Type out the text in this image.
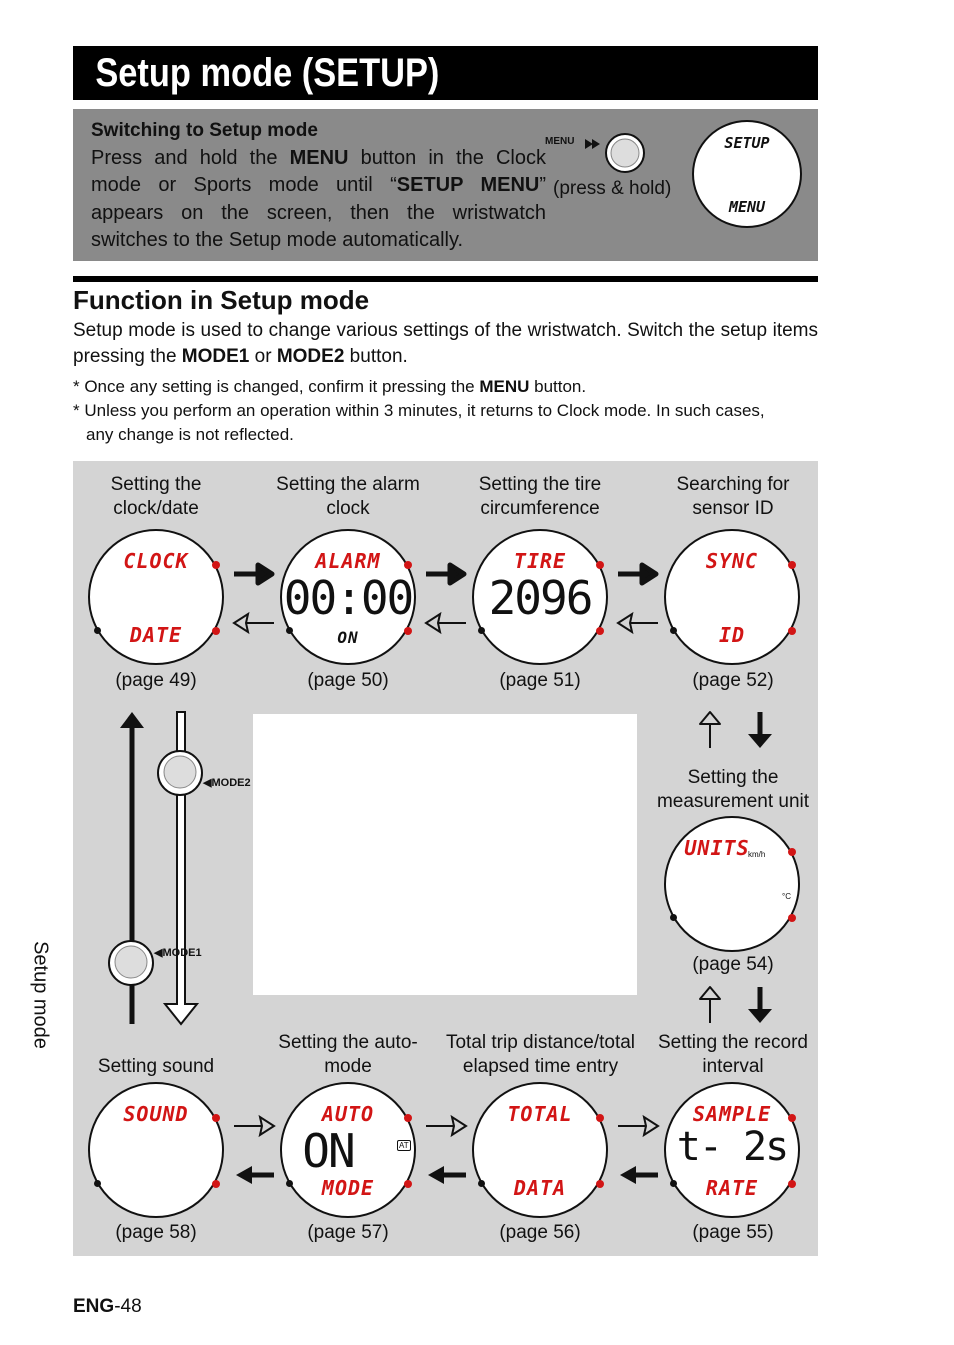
Setup mode (SETUP)
Switching to Setup mode
Press and hold the MENU button in the Clock mode or Sports mode until “SETUP MENU” appears on the screen, then the wristwatch switches to the Setup mode automatically.
MENU
(press & hold)
SETUP
MENU
Function in Setup mode
Setup mode is used to change various settings of the wristwatch. Switch the setup items pressing the MODE1 or MODE2 button.
* Once any setting is changed, confirm it pressing the MENU button.
* Unless you perform an operation within 3 minutes, it returns to Clock mode. In such cases,
any change is not reflected.
Setting the clock/date
Setting the alarm clock
Setting the tire circumference
Searching for sensor ID
CLOCK
DATE
ALARM
00:00
ON
TIRE
2096
SYNC
ID
(page 49)	(page 50)	(page 51)	(page 52)
Setting the measurement unit
UNITS
km/h
°C
(page 54)
◀MODE2
◀MODE1
Setting sound
Setting the auto-mode
Total trip distance/total elapsed time entry
Setting the record interval
SOUND	AUTO
ON	AT
MODE
TOTAL
DATA
SAMPLE
t- 2s
RATE
(page 58)	(page 57)	(page 56)	(page 55)
Setup mode
ENG-48
